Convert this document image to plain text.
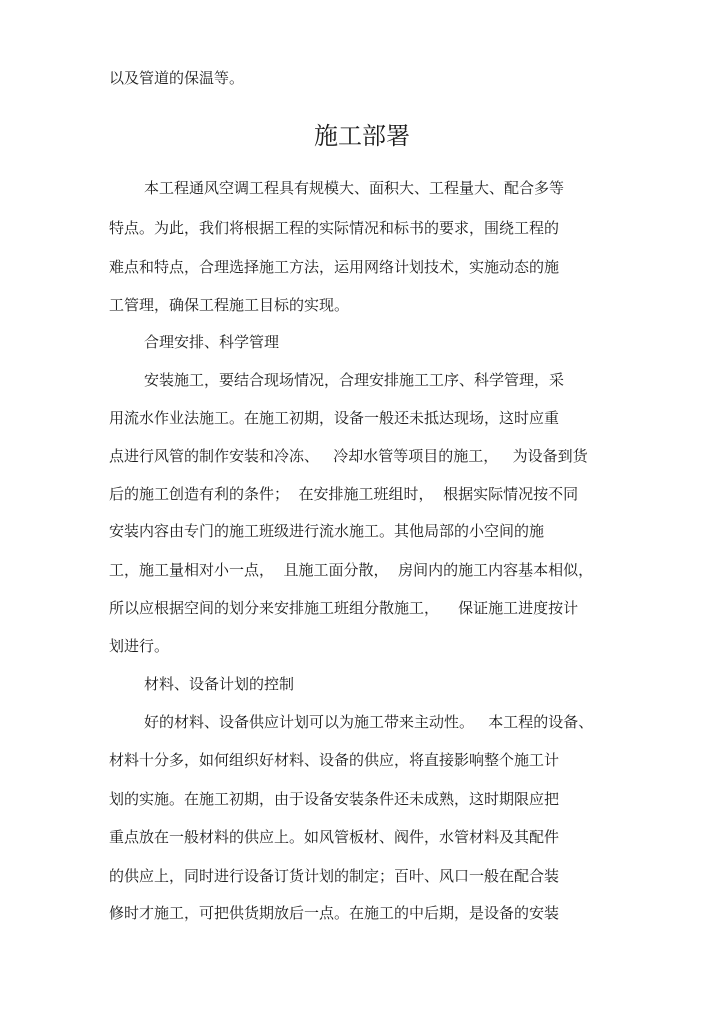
施工部署
以及管道的保温等。
本工程通风空调工程具有规模大、面积大、工程量大、配合多等
特点。为此，我们将根据工程的实际情况和标书的要求，围绕工程的
难点和特点，合理选择施工方法，运用网络计划技术，实施动态的施
工管理，确保工程施工目标的实现。
合理安排、科学管理
安装施工，要结合现场情况，合理安排施工工序、科学管理，采
用流水作业法施工。在施工初期，设备一般还未抵达现场，这时应重
点进行风管的制作安装和冷冻、   冷却水管等项目的施工，   为设备到货
后的施工创造有利的条件；  在安排施工班组时，  根据实际情况按不同
安装内容由专门的施工班级进行流水施工。其他局部的小空间的施
工，施工量相对小一点，  且施工面分散，  房间内的施工内容基本相似，
所以应根据空间的划分来安排施工班组分散施工，    保证施工进度按计
划进行。
材料、设备计划的控制
好的材料、设备供应计划可以为施工带来主动性。   本工程的设备、
材料十分多，如何组织好材料、设备的供应，将直接影响整个施工计
划的实施。在施工初期，由于设备安装条件还未成熟，这时期限应把
重点放在一般材料的供应上。如风管板材、阀件，水管材料及其配件
的供应上，同时进行设备订货计划的制定；百叶、风口一般在配合装
修时才施工，可把供货期放后一点。在施工的中后期，是设备的安装
